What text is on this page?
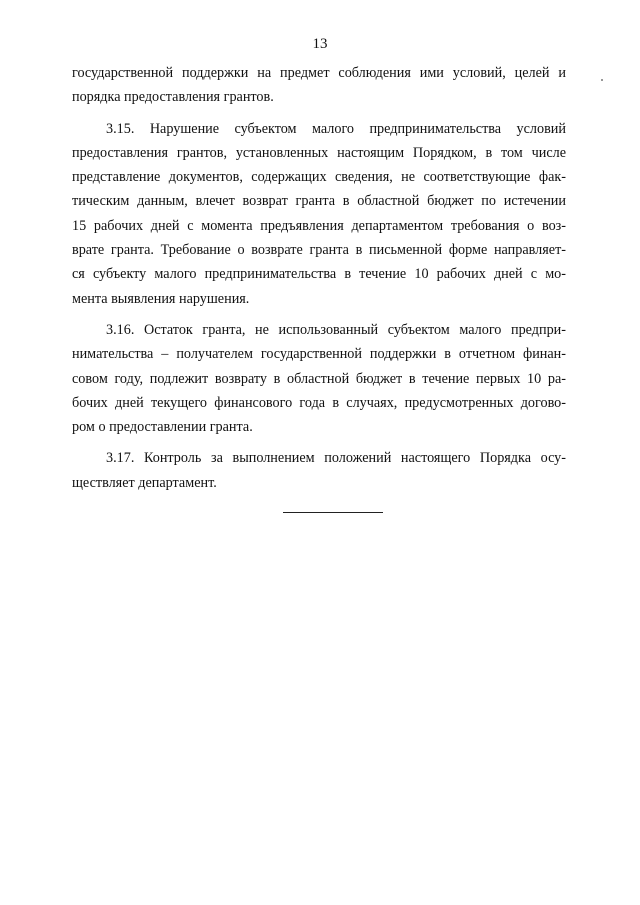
13
государственной поддержки на предмет соблюдения ими условий, целей и
порядка предоставления грантов.
3.15. Нарушение субъектом малого предпринимательства условий
предоставления грантов, установленных настоящим Порядком, в том числе
представление документов, содержащих сведения, не соответствующие фак-
тическим данным, влечет возврат гранта в областной бюджет по истечении
15 рабочих дней с момента предъявления департаментом требования о воз-
врате гранта. Требование о возврате гранта в письменной форме направляет-
ся субъекту малого предпринимательства в течение 10 рабочих дней с мо-
мента выявления нарушения.
3.16. Остаток гранта, не использованный субъектом малого предпри-
нимательства – получателем государственной поддержки в отчетном финан-
совом году, подлежит возврату в областной бюджет в течение первых 10 ра-
бочих дней текущего финансового года в случаях, предусмотренных догово-
ром о предоставлении гранта.
3.17. Контроль за выполнением положений настоящего Порядка осу-
ществляет департамент.
